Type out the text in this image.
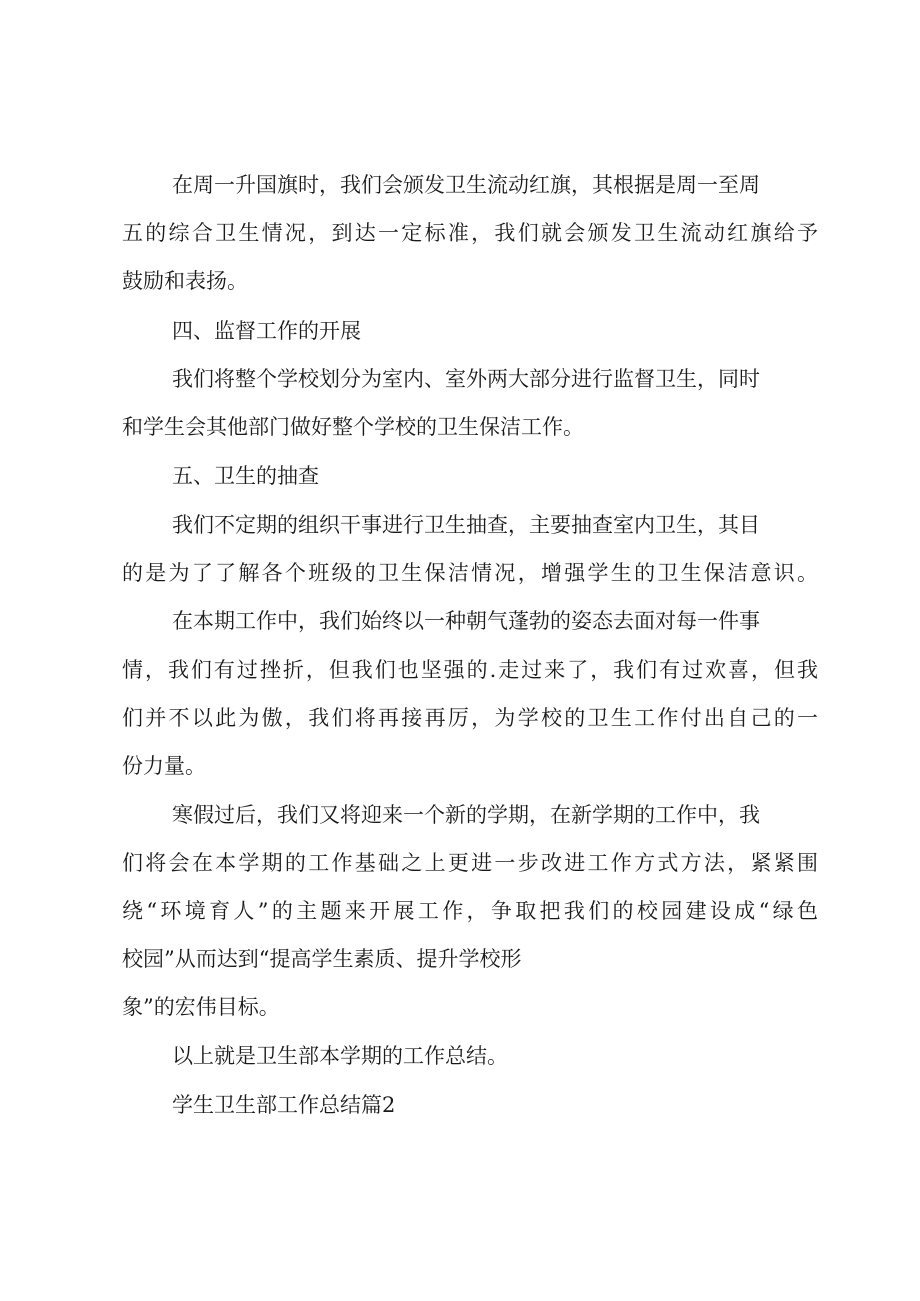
在周一升国旗时，我们会颁发卫生流动红旗，其根据是周一至周

五的综合卫生情况，到达一定标准，我们就会颁发卫生流动红旗给予

鼓励和表扬。

四、监督工作的开展

我们将整个学校划分为室内、室外两大部分进行监督卫生，同时

和学生会其他部门做好整个学校的卫生保洁工作。

五、卫生的抽查

我们不定期的组织干事进行卫生抽查，主要抽查室内卫生，其目

的是为了了解各个班级的卫生保洁情况，增强学生的卫生保洁意识。

在本期工作中，我们始终以一种朝气蓬勃的姿态去面对每一件事

情，我们有过挫折，但我们也坚强的.走过来了，我们有过欢喜，但我

们并不以此为傲，我们将再接再厉，为学校的卫生工作付出自己的一

份力量。

寒假过后，我们又将迎来一个新的学期，在新学期的工作中，我

们将会在本学期的工作基础之上更进一步改进工作方式方法，紧紧围

绕“环境育人”的主题来开展工作，争取把我们的校园建设成“绿色

校园”从而达到“提高学生素质、提升学校形

象”的宏伟目标。

以上就是卫生部本学期的工作总结。

学生卫生部工作总结篇2
